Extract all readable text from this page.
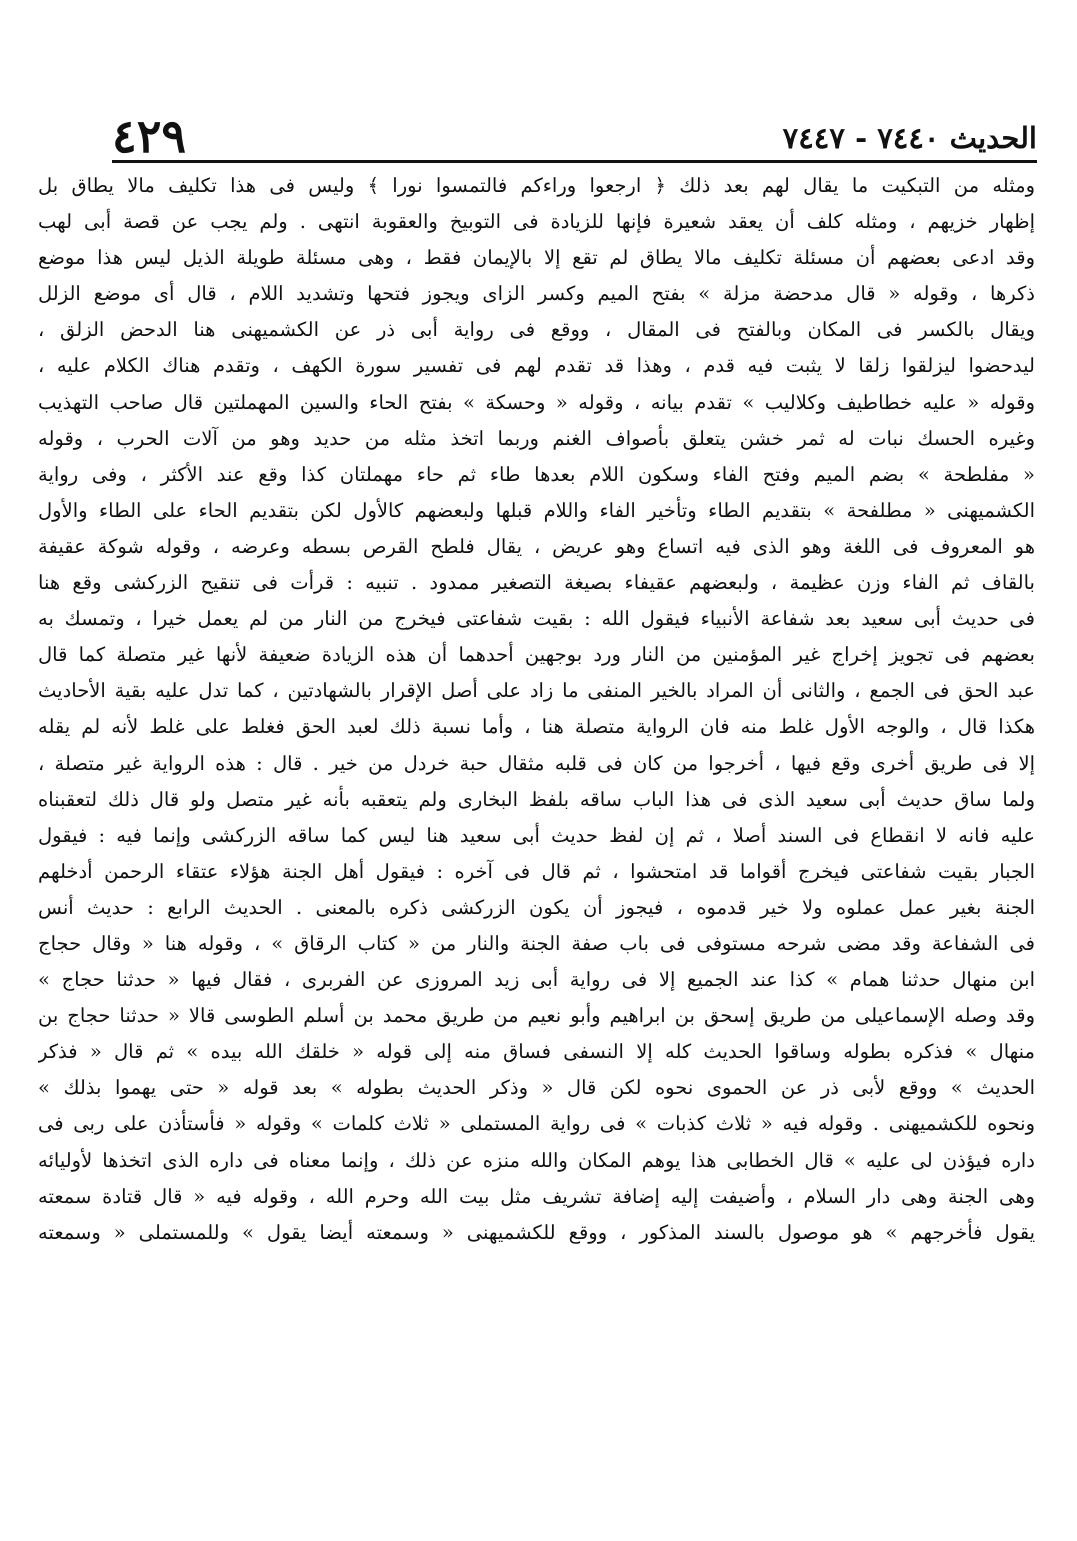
٤٢٩	الحديث ٧٤٤٠ - ٧٤٤٧
ومثله من التبكيت ما يقال لهم بعد ذلك ﴿ ارجعوا وراءكم فالتمسوا نورا ﴾ وليس فى هذا تكليف مالا يطاق بل
إظهار خزيهم ، ومثله كلف أن يعقد شعيرة فإنها للزيادة فى التوبيخ والعقوبة انتهى . ولم يجب عن قصة أبى لهب
وقد ادعى بعضهم أن مسئلة تكليف مالا يطاق لم تقع إلا بالإيمان فقط ، وهى مسئلة طويلة الذيل ليس هذا موضع
ذكرها ، وقوله « قال مدحضة مزلة » بفتح الميم وكسر الزاى ويجوز فتحها وتشديد اللام ، قال أى موضع الزلل
ويقال بالكسر فى المكان وبالفتح فى المقال ، ووقع فى رواية أبى ذر عن الكشميهنى هنا الدحض الزلق ،
ليدحضوا ليزلقوا زلقا لا يثبت فيه قدم ، وهذا قد تقدم لهم فى تفسير سورة الكهف ، وتقدم هناك الكلام عليه ،
وقوله « عليه خطاطيف وكلاليب » تقدم بيانه ، وقوله « وحسكة » بفتح الحاء والسين المهملتين قال صاحب التهذيب
وغيره الحسك نبات له ثمر خشن يتعلق بأصواف الغنم وربما اتخذ مثله من حديد وهو من آلات الحرب ، وقوله
« مفلطحة » بضم الميم وفتح الفاء وسكون اللام بعدها طاء ثم حاء مهملتان كذا وقع عند الأكثر ، وفى رواية
الكشميهنى « مطلفحة » بتقديم الطاء وتأخير الفاء واللام قبلها ولبعضهم كالأول لكن بتقديم الحاء على الطاء والأول
هو المعروف فى اللغة وهو الذى فيه اتساع وهو عريض ، يقال فلطح القرص بسطه وعرضه ، وقوله شوكة عقيفة
بالقاف ثم الفاء وزن عظيمة ، ولبعضهم عقيفاء بصيغة التصغير ممدود . تنبيه : قرأت فى تنقيح الزركشى وقع هنا
فى حديث أبى سعيد بعد شفاعة الأنبياء فيقول الله : بقيت شفاعتى فيخرج من النار من لم يعمل خيرا ، وتمسك به
بعضهم فى تجويز إخراج غير المؤمنين من النار ورد بوجهين أحدهما أن هذه الزيادة ضعيفة لأنها غير متصلة كما قال
عبد الحق فى الجمع ، والثانى أن المراد بالخير المنفى ما زاد على أصل الإقرار بالشهادتين ، كما تدل عليه بقية الأحاديث
هكذا قال ، والوجه الأول غلط منه فان الرواية متصلة هنا ، وأما نسبة ذلك لعبد الحق فغلط على غلط لأنه لم يقله
إلا فى طريق أخرى وقع فيها ، أخرجوا من كان فى قلبه مثقال حبة خردل من خير . قال : هذه الرواية غير متصلة ،
ولما ساق حديث أبى سعيد الذى فى هذا الباب ساقه بلفظ البخارى ولم يتعقبه بأنه غير متصل ولو قال ذلك لتعقبناه
عليه فانه لا انقطاع فى السند أصلا ، ثم إن لفظ حديث أبى سعيد هنا ليس كما ساقه الزركشى وإنما فيه : فيقول
الجبار بقيت شفاعتى فيخرج أقواما قد امتحشوا ، ثم قال فى آخره : فيقول أهل الجنة هؤلاء عتقاء الرحمن أدخلهم
الجنة بغير عمل عملوه ولا خير قدموه ، فيجوز أن يكون الزركشى ذكره بالمعنى . الحديث الرابع : حديث أنس
فى الشفاعة وقد مضى شرحه مستوفى فى باب صفة الجنة والنار من « كتاب الرقاق » ، وقوله هنا « وقال حجاج
ابن منهال حدثنا همام » كذا عند الجميع إلا فى رواية أبى زيد المروزى عن الفربرى ، فقال فيها « حدثنا حجاج »
وقد وصله الإسماعيلى من طريق إسحق بن ابراهيم وأبو نعيم من طريق محمد بن أسلم الطوسى قالا « حدثنا حجاج بن
منهال » فذكره بطوله وساقوا الحديث كله إلا النسفى فساق منه إلى قوله « خلقك الله بيده » ثم قال « فذكر
الحديث » ووقع لأبى ذر عن الحموى نحوه لكن قال « وذكر الحديث بطوله » بعد قوله « حتى يهموا بذلك »
ونحوه للكشميهنى . وقوله فيه « ثلاث كذبات » فى رواية المستملى « ثلاث كلمات » وقوله « فأستأذن على ربى فى
داره فيؤذن لى عليه » قال الخطابى هذا يوهم المكان والله منزه عن ذلك ، وإنما معناه فى داره الذى اتخذها لأوليائه
وهى الجنة وهى دار السلام ، وأضيفت إليه إضافة تشريف مثل بيت الله وحرم الله ، وقوله فيه « قال قتادة سمعته
يقول فأخرجهم » هو موصول بالسند المذكور ، ووقع للكشميهنى « وسمعته أيضا يقول » وللمستملى « وسمعته
